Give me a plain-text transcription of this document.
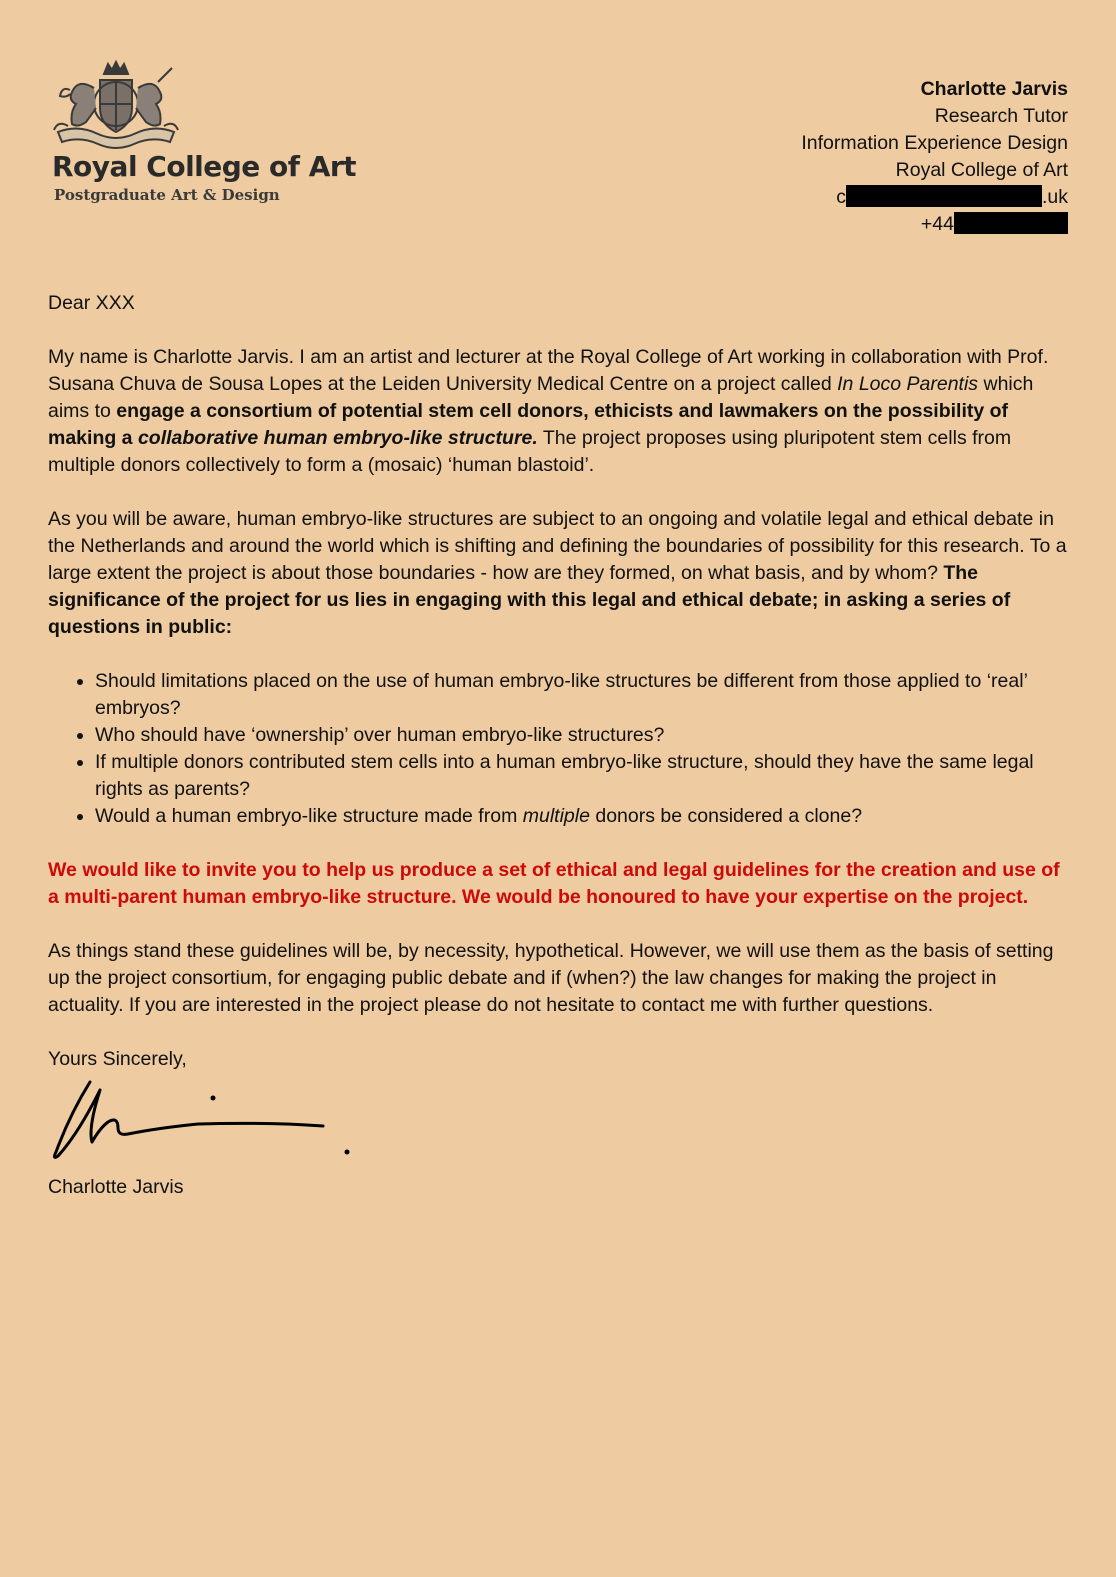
Royal College of Art
Postgraduate Art & Design
Charlotte Jarvis
Research Tutor
Information Experience Design
Royal College of Art
c	.uk
+44

Dear XXX

My name is Charlotte Jarvis. I am an artist and lecturer at the Royal College of Art working in collaboration with Prof. Susana Chuva de Sousa Lopes at the Leiden University Medical Centre on a project called In Loco Parentis which aims to engage a consortium of potential stem cell donors, ethicists and lawmakers on the possibility of making a collaborative human embryo-like structure. The project proposes using pluripotent stem cells from multiple donors collectively to form a (mosaic) ‘human blastoid’.

As you will be aware, human embryo-like structures are subject to an ongoing and volatile legal and ethical debate in the Netherlands and around the world which is shifting and defining the boundaries of possibility for this research. To a large extent the project is about those boundaries - how are they formed, on what basis, and by whom? The significance of the project for us lies in engaging with this legal and ethical debate; in asking a series of questions in public:

• Should limitations placed on the use of human embryo-like structures be different from those applied to ‘real’ embryos?
• Who should have ‘ownership’ over human embryo-like structures?
• If multiple donors contributed stem cells into a human embryo-like structure, should they have the same legal rights as parents?
• Would a human embryo-like structure made from multiple donors be considered a clone?

We would like to invite you to help us produce a set of ethical and legal guidelines for the creation and use of a multi-parent human embryo-like structure. We would be honoured to have your expertise on the project.

As things stand these guidelines will be, by necessity, hypothetical. However, we will use them as the basis of setting up the project consortium, for engaging public debate and if (when?) the law changes for making the project in actuality. If you are interested in the project please do not hesitate to contact me with further questions.

Yours Sincerely,

Charlotte Jarvis
